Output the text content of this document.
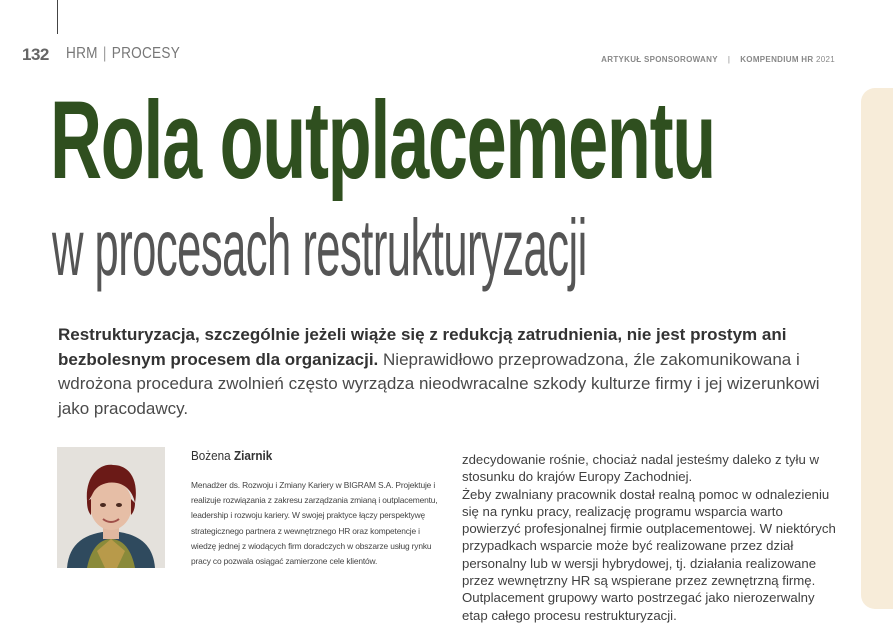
132 HRM | PROCESY	ARTYKUŁ SPONSOROWANY | KOMPENDIUM HR 2021
Rola outplacementu
w procesach restrukturyzacji

Restrukturyzacja, szczególnie jeżeli wiąże się z redukcją zatrudnienia, nie jest prostym ani bezbolesnym procesem dla organizacji. Nieprawidłowo przeprowadzona, źle zakomunikowana i wdrożona procedura zwolnień często wyrządza nieodwracalne szkody kulturze firmy i jej wizerunkowi jako pracodawcy.

Bożena Ziarnik

Menadżer ds. Rozwoju i Zmiany Kariery w BIGRAM S.A. Projektuje i realizuje rozwiązania z zakresu zarządzania zmianą i outplacementu, leadership i rozwoju kariery. W swojej praktyce łączy perspektywę strategicznego partnera z wewnętrznego HR oraz kompetencje i wiedzę jednej z wiodących firm doradczych w obszarze usług rynku pracy co pozwala osiągać zamierzone cele klientów.

zdecydowanie rośnie, chociaż nadal jesteśmy daleko z tyłu w stosunku do krajów Europy Zachodniej.

Żeby zwalniany pracownik dostał realną pomoc w odnalezieniu się na rynku pracy, realizację programu wsparcia warto powierzyć profesjonalnej firmie outplacementowej. W niektórych przypadkach wsparcie może być realizowane przez dział personalny lub w wersji hybrydowej, tj. działania realizowane przez wewnętrzny HR są wspierane przez zewnętrzną firmę. Outplacement grupowy warto postrzegać jako nierozerwalny etap całego procesu restrukturyzacji.
